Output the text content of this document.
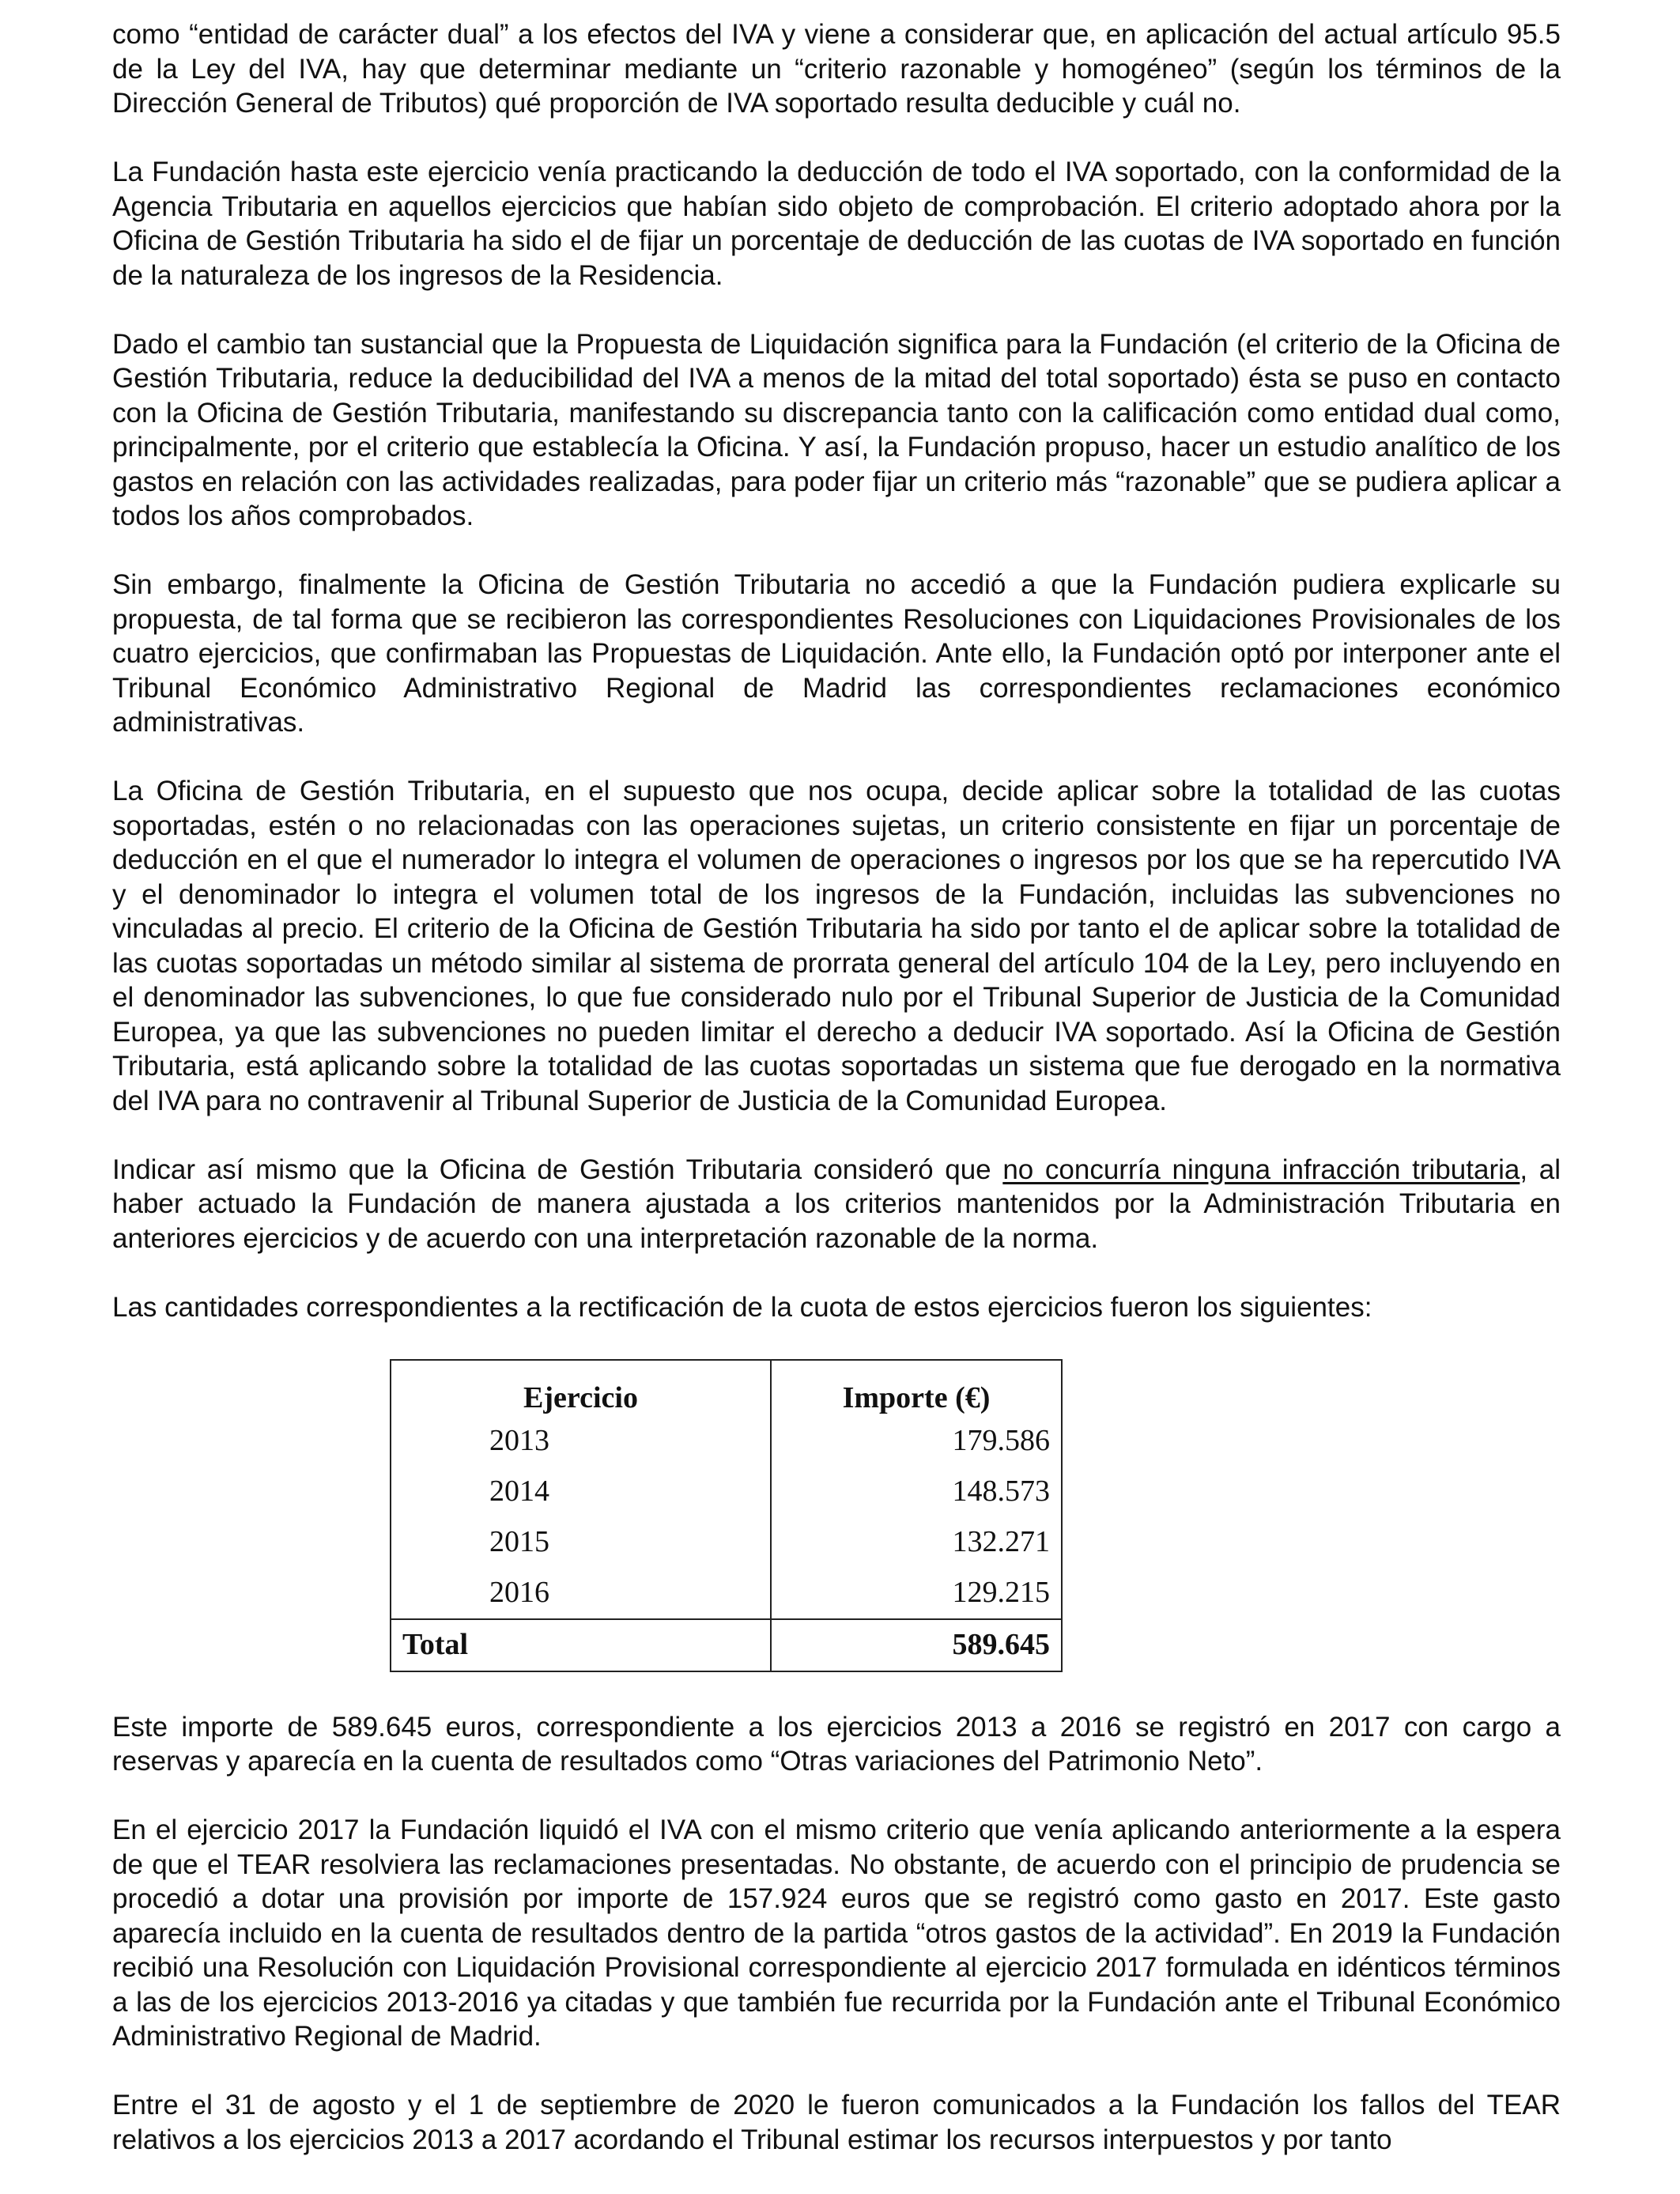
como “entidad de carácter dual” a los efectos del IVA y viene a considerar que, en aplicación del actual artículo 95.5 de la Ley del IVA, hay que determinar mediante un “criterio razonable y homogéneo” (según los términos de la Dirección General de Tributos) qué proporción de IVA soportado resulta deducible y cuál no.

La Fundación hasta este ejercicio venía practicando la deducción de todo el IVA soportado, con la conformidad de la Agencia Tributaria en aquellos ejercicios que habían sido objeto de comprobación. El criterio adoptado ahora por la Oficina de Gestión Tributaria ha sido el de fijar un porcentaje de deducción de las cuotas de IVA soportado en función de la naturaleza de los ingresos de la Residencia.

Dado el cambio tan sustancial que la Propuesta de Liquidación significa para la Fundación (el criterio de la Oficina de Gestión Tributaria, reduce la deducibilidad del IVA a menos de la mitad del total soportado) ésta se puso en contacto con la Oficina de Gestión Tributaria, manifestando su discrepancia tanto con la calificación como entidad dual como, principalmente, por el criterio que establecía la Oficina. Y así, la Fundación propuso, hacer un estudio analítico de los gastos en relación con las actividades realizadas, para poder fijar un criterio más “razonable” que se pudiera aplicar a todos los años comprobados.

Sin embargo, finalmente la Oficina de Gestión Tributaria no accedió a que la Fundación pudiera explicarle su propuesta, de tal forma que se recibieron las correspondientes Resoluciones con Liquidaciones Provisionales de los cuatro ejercicios, que confirmaban las Propuestas de Liquidación. Ante ello, la Fundación optó por interponer ante el Tribunal Económico Administrativo Regional de Madrid las correspondientes reclamaciones económico administrativas.

La Oficina de Gestión Tributaria, en el supuesto que nos ocupa, decide aplicar sobre la totalidad de las cuotas soportadas, estén o no relacionadas con las operaciones sujetas, un criterio consistente en fijar un porcentaje de deducción en el que el numerador lo integra el volumen de operaciones o ingresos por los que se ha repercutido IVA y el denominador lo integra el volumen total de los ingresos de la Fundación, incluidas las subvenciones no vinculadas al precio. El criterio de la Oficina de Gestión Tributaria ha sido por tanto el de aplicar sobre la totalidad de las cuotas soportadas un método similar al sistema de prorrata general del artículo 104 de la Ley, pero incluyendo en el denominador las subvenciones, lo que fue considerado nulo por el Tribunal Superior de Justicia de la Comunidad Europea, ya que las subvenciones no pueden limitar el derecho a deducir IVA soportado. Así la Oficina de Gestión Tributaria, está aplicando sobre la totalidad de las cuotas soportadas un sistema que fue derogado en la normativa del IVA para no contravenir al Tribunal Superior de Justicia de la Comunidad Europea.

Indicar así mismo que la Oficina de Gestión Tributaria consideró que no concurría ninguna infracción tributaria, al haber actuado la Fundación de manera ajustada a los criterios mantenidos por la Administración Tributaria en anteriores ejercicios y de acuerdo con una interpretación razonable de la norma.

Las cantidades correspondientes a la rectificación de la cuota de estos ejercicios fueron los siguientes:

Ejercicio	Importe (€)
2013	179.586
2014	148.573
2015	132.271
2016	129.215
Total	589.645

Este importe de 589.645 euros, correspondiente a los ejercicios 2013 a 2016 se registró en 2017 con cargo a reservas y aparecía en la cuenta de resultados como “Otras variaciones del Patrimonio Neto”.

En el ejercicio 2017 la Fundación liquidó el IVA con el mismo criterio que venía aplicando anteriormente a la espera de que el TEAR resolviera las reclamaciones presentadas. No obstante, de acuerdo con el principio de prudencia se procedió a dotar una provisión por importe de 157.924 euros que se registró como gasto en 2017. Este gasto aparecía incluido en la cuenta de resultados dentro de la partida “otros gastos de la actividad”. En 2019 la Fundación recibió una Resolución con Liquidación Provisional correspondiente al ejercicio 2017 formulada en idénticos términos a las de los ejercicios 2013-2016 ya citadas y que también fue recurrida por la Fundación ante el Tribunal Económico Administrativo Regional de Madrid.

Entre el 31 de agosto y el 1 de septiembre de 2020 le fueron comunicados a la Fundación los fallos del TEAR relativos a los ejercicios 2013 a 2017 acordando el Tribunal estimar los recursos interpuestos y por tanto
